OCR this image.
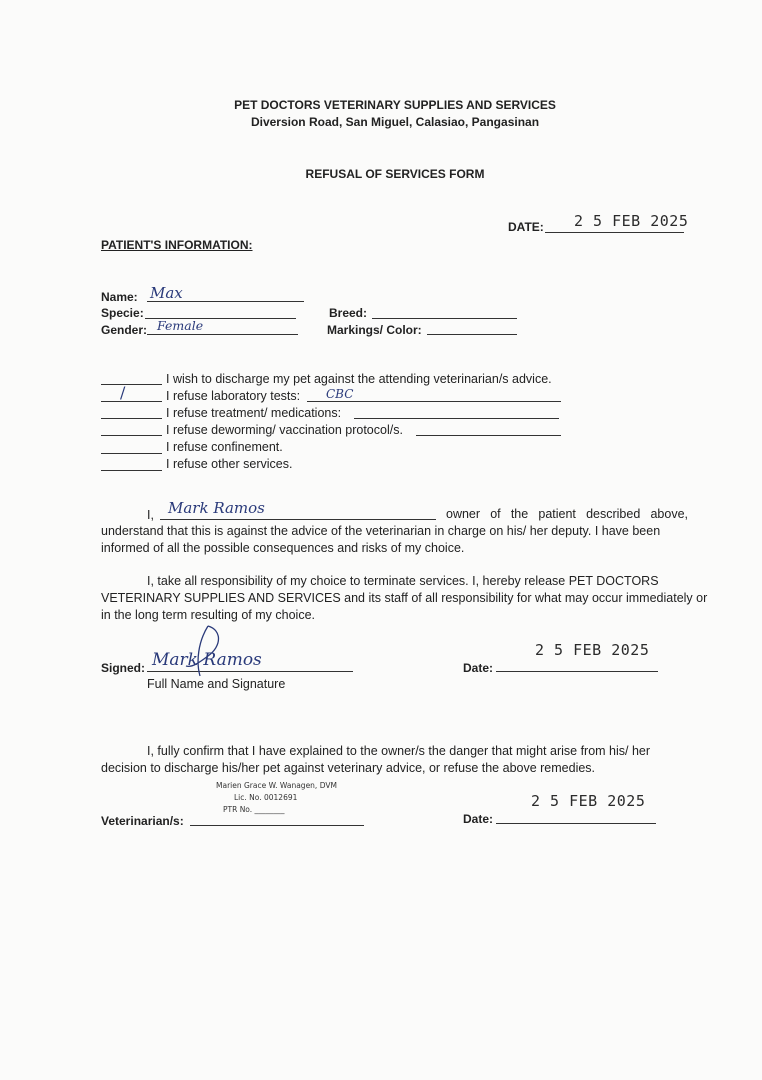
PET DOCTORS VETERINARY SUPPLIES AND SERVICES
Diversion Road, San Miguel, Calasiao, Pangasinan
REFUSAL OF SERVICES FORM
DATE: 2 5 FEB 2025
PATIENT'S INFORMATION:
Name: Max
Specie:
Gender: Female
Breed:
Markings/ Color:
I wish to discharge my pet against the attending veterinarian/s advice.
/	I refuse laboratory tests: CBC
I refuse treatment/ medications:
I refuse deworming/ vaccination protocol/s.
I refuse confinement.
I refuse other services.
I, Mark Ramos	owner of the patient described above,
understand that this is against the advice of the veterinarian in charge on his/ her deputy. I have been
informed of all the possible consequences and risks of my choice.
I, take all responsibility of my choice to terminate services. I, hereby release PET DOCTORS
VETERINARY SUPPLIES AND SERVICES and its staff of all responsibility for what may occur immediately or
in the long term resulting of my choice.
Signed: Mark Ramos
Full Name and Signature
Date:
2 5 FEB 2025
I, fully confirm that I have explained to the owner/s the danger that might arise from his/ her
decision to discharge his/her pet against veterinary advice, or refuse the above remedies.
Marien Grace W. Wanagen, DVM
Lic. No. 0012691
PTR No. ________
Veterinarian/s:	Date:
2 5 FEB 2025
